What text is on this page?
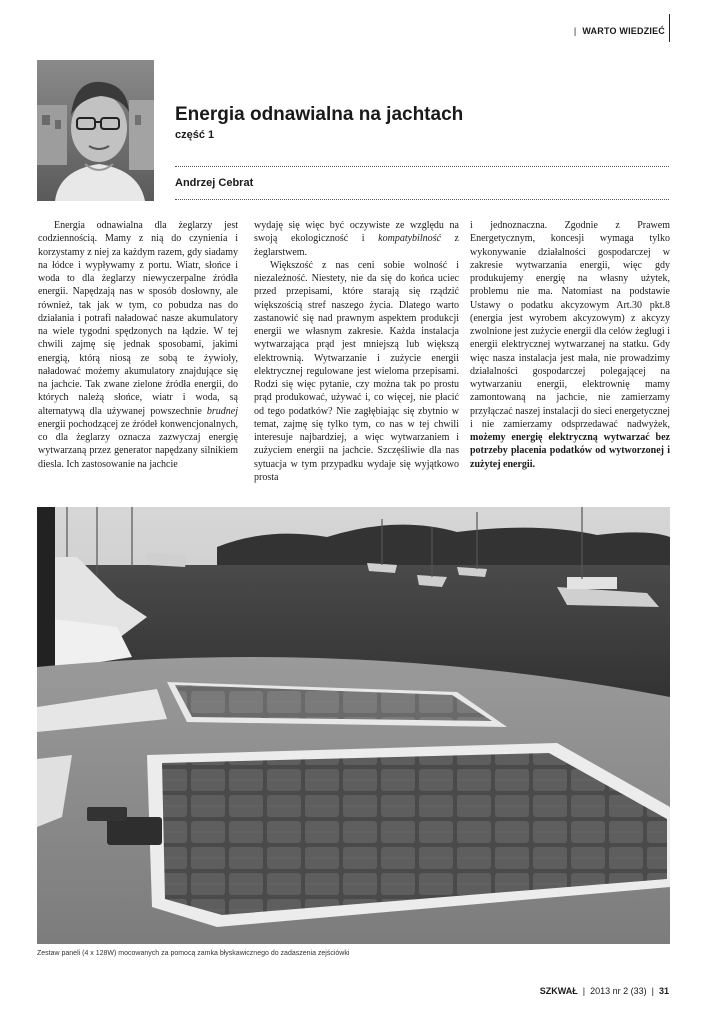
| WARTO WIEDZIEĆ
Energia odnawialna na jachtach
część 1
Andrzej Cebrat

Energia odnawialna dla żeglarzy jest codziennością. Mamy z nią do czynienia i korzystamy z niej za każdym razem, gdy siadamy na łódce i wypływamy z portu. Wiatr, słońce i woda to dla żeglarzy niewyczerpalne źródła energii. Napędzają nas w sposób dosłowny, ale również, tak jak w tym, co pobudza nas do działania i potrafi naładować nasze akumulatory na wiele tygodni spędzonych na łądzie. W tej chwili zajmę się jednak sposobami, jakimi energią, którą niosą ze sobą te żywioły, naładować możemy akumulatory znajdujące się na jachcie. Tak zwane zielone źródła energii, do których należą słońce, wiatr i woda, są alternatywą dla używanej powszechnie brudnej energii pochodzącej ze źródeł konwencjonalnych, co dla żeglarzy oznacza zazwyczaj energię wytwarzaną przez generator napędzany silnikiem diesla. Ich zastosowanie na jachcie

wydaję się więc być oczywiste ze względu na swoją ekologiczność i kompatybilność z żeglarstwem.

Większość z nas ceni sobie wolność i niezależność. Niestety, nie da się do końca uciec przed przepisami, które starają się rządzić większością stref naszego życia. Dlatego warto zastanowić się nad prawnym aspektem produkcji energii we własnym zakresie. Każda instalacja wytwarzająca prąd jest mniejszą lub większą elektrownią. Wytwarzanie i zużycie energii elektrycznej regulowane jest wieloma przepisami. Rodzi się więc pytanie, czy można tak po prostu prąd produkować, używać i, co więcej, nie płacić od tego podatków? Nie zagłębiając się zbytnio w temat, zajmę się tylko tym, co nas w tej chwili interesuje najbardziej, a więc wytwarzaniem i zużyciem energii na jachcie. Szczęśliwie dla nas sytuacja w tym przypadku wydaje się wyjątkowo prosta

i jednoznaczna. Zgodnie z Prawem Energetycznym, koncesji wymaga tylko wykonywanie działalności gospodarczej w zakresie wytwarzania energii, więc gdy produkujemy energię na własny użytek, problemu nie ma. Natomiast na podstawie Ustawy o podatku akcyzowym Art.30 pkt.8 (energia jest wyrobem akcyzowym) z akcyzy zwolnione jest zużycie energii dla celów żeglugi i energii elektrycznej wytwarzanej na statku. Gdy więc nasza instalacja jest mała, nie prowadzimy działalności gospodarczej polegającej na wytwarzaniu energii, elektrownię mamy zamontowaną na jachcie, nie zamierzamy przyłączać naszej instalacji do sieci energetycznej i nie zamierzamy odsprzedawać nadwyżek, możemy energię elektryczną wytwarzać bez potrzeby płacenia podatków od wytworzonej i zużytej energii.

Zestaw paneli (4 x 128W) mocowanych za pomocą zamka błyskawicznego do zadaszenia zejściówki
SZKWAŁ | 2013 nr 2 (33) | 31
